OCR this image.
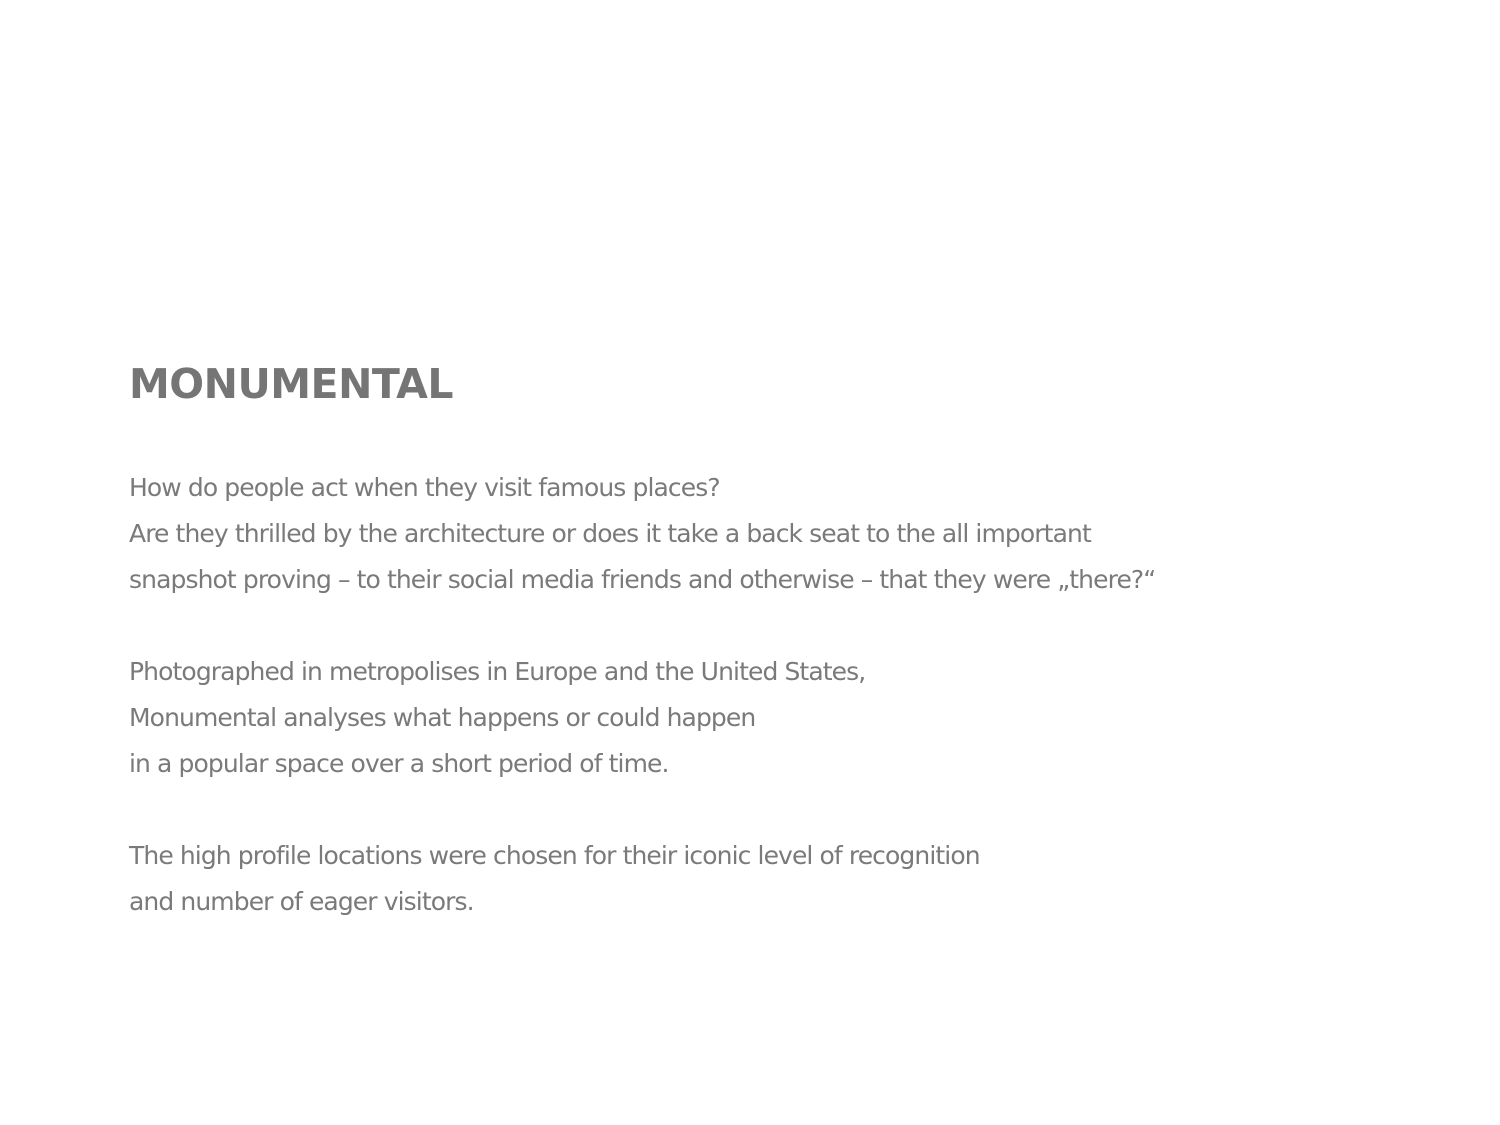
MONUMENTAL

How do people act when they visit famous places?
Are they thrilled by the architecture or does it take a back seat to the all important
snapshot proving – to their social media friends and otherwise – that they were „there?“

Photographed in metropolises in Europe and the United States,
Monumental analyses what happens or could happen
in a popular space over a short period of time.

The high profile locations were chosen for their iconic level of recognition
and number of eager visitors.
